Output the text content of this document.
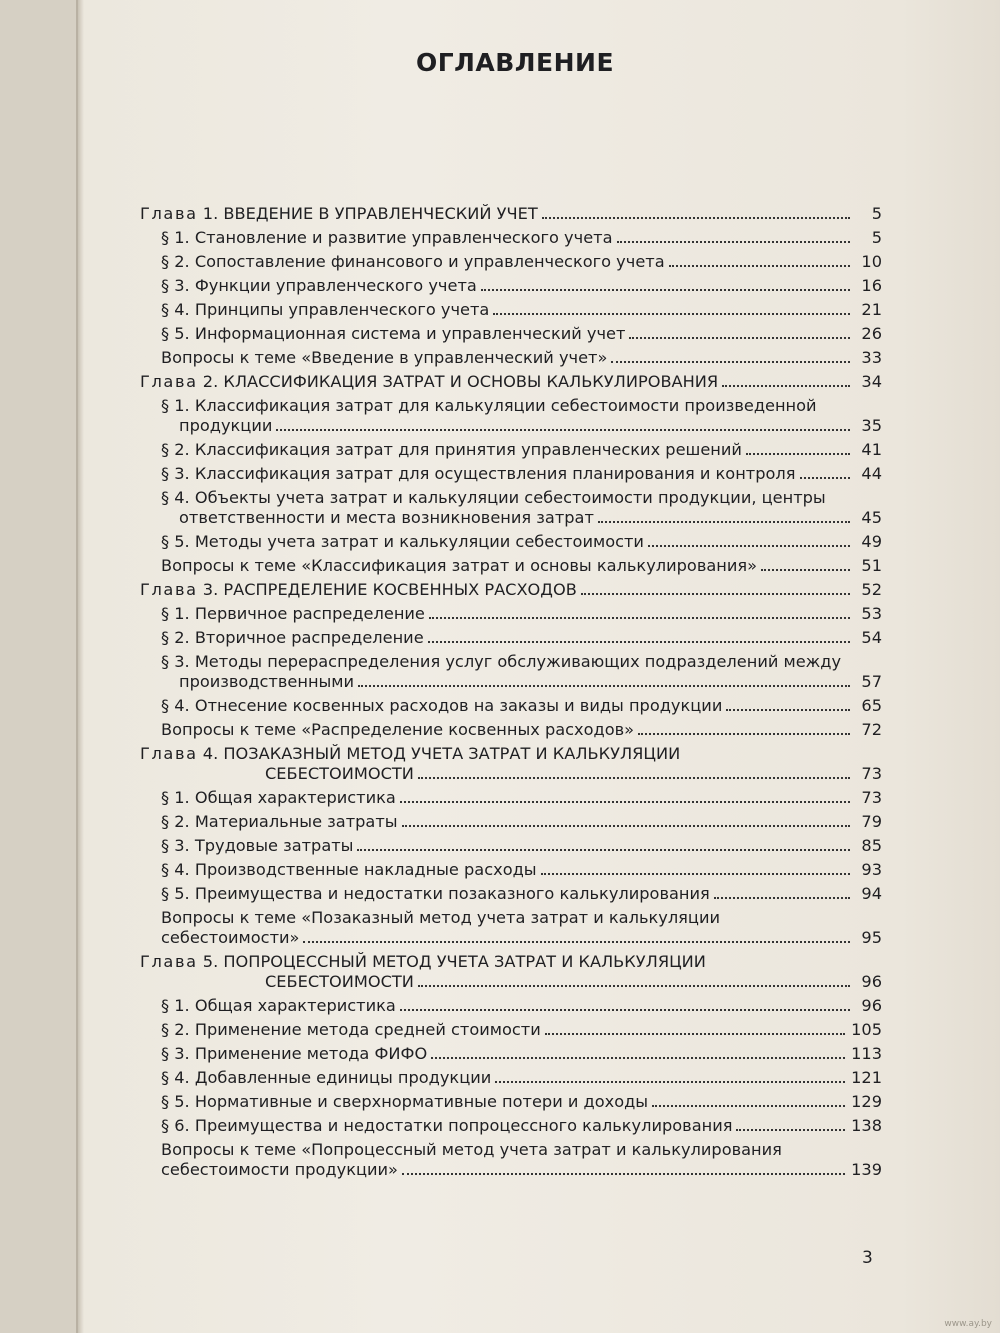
ОГЛАВЛЕНИЕ
Глава 1. ВВЕДЕНИЕ В УПРАВЛЕНЧЕСКИЙ УЧЕТ	5
§ 1. Становление и развитие управленческого учета	5
§ 2. Сопоставление финансового и управленческого учета	10
§ 3. Функции управленческого учета	16
§ 4. Принципы управленческого учета	21
§ 5. Информационная система и управленческий учет	26
Вопросы к теме «Введение в управленческий учет»	33
Глава 2. КЛАССИФИКАЦИЯ ЗАТРАТ И ОСНОВЫ КАЛЬКУЛИРОВАНИЯ	34
§ 1. Классификация затрат для калькуляции себестоимости произведенной
продукции	35
§ 2. Классификация затрат для принятия управленческих решений	41
§ 3. Классификация затрат для осуществления планирования и контроля	44
§ 4. Объекты учета затрат и калькуляции себестоимости продукции, центры
ответственности и места возникновения затрат	45
§ 5. Методы учета затрат и калькуляции себестоимости	49
Вопросы к теме «Классификация затрат и основы калькулирования»	51
Глава 3. РАСПРЕДЕЛЕНИЕ КОСВЕННЫХ РАСХОДОВ	52
§ 1. Первичное распределение	53
§ 2. Вторичное распределение	54
§ 3. Методы перераспределения услуг обслуживающих подразделений между
производственными	57
§ 4. Отнесение косвенных расходов на заказы и виды продукции	65
Вопросы к теме «Распределение косвенных расходов»	72
Глава 4. ПОЗАКАЗНЫЙ МЕТОД УЧЕТА ЗАТРАТ И КАЛЬКУЛЯЦИИ
СЕБЕСТОИМОСТИ	73
§ 1. Общая характеристика	73
§ 2. Материальные затраты	79
§ 3. Трудовые затраты	85
§ 4. Производственные накладные расходы	93
§ 5. Преимущества и недостатки позаказного калькулирования	94
Вопросы к теме «Позаказный метод учета затрат и калькуляции
себестоимости»	95
Глава 5. ПОПРОЦЕССНЫЙ МЕТОД УЧЕТА ЗАТРАТ И КАЛЬКУЛЯЦИИ
СЕБЕСТОИМОСТИ	96
§ 1. Общая характеристика	96
§ 2. Применение метода средней стоимости	105
§ 3. Применение метода ФИФО	113
§ 4. Добавленные единицы продукции	121
§ 5. Нормативные и сверхнормативные потери и доходы	129
§ 6. Преимущества и недостатки попроцессного калькулирования	138
Вопросы к теме «Попроцессный метод учета затрат и калькулирования
себестоимости продукции»	139
3
www.ay.by
